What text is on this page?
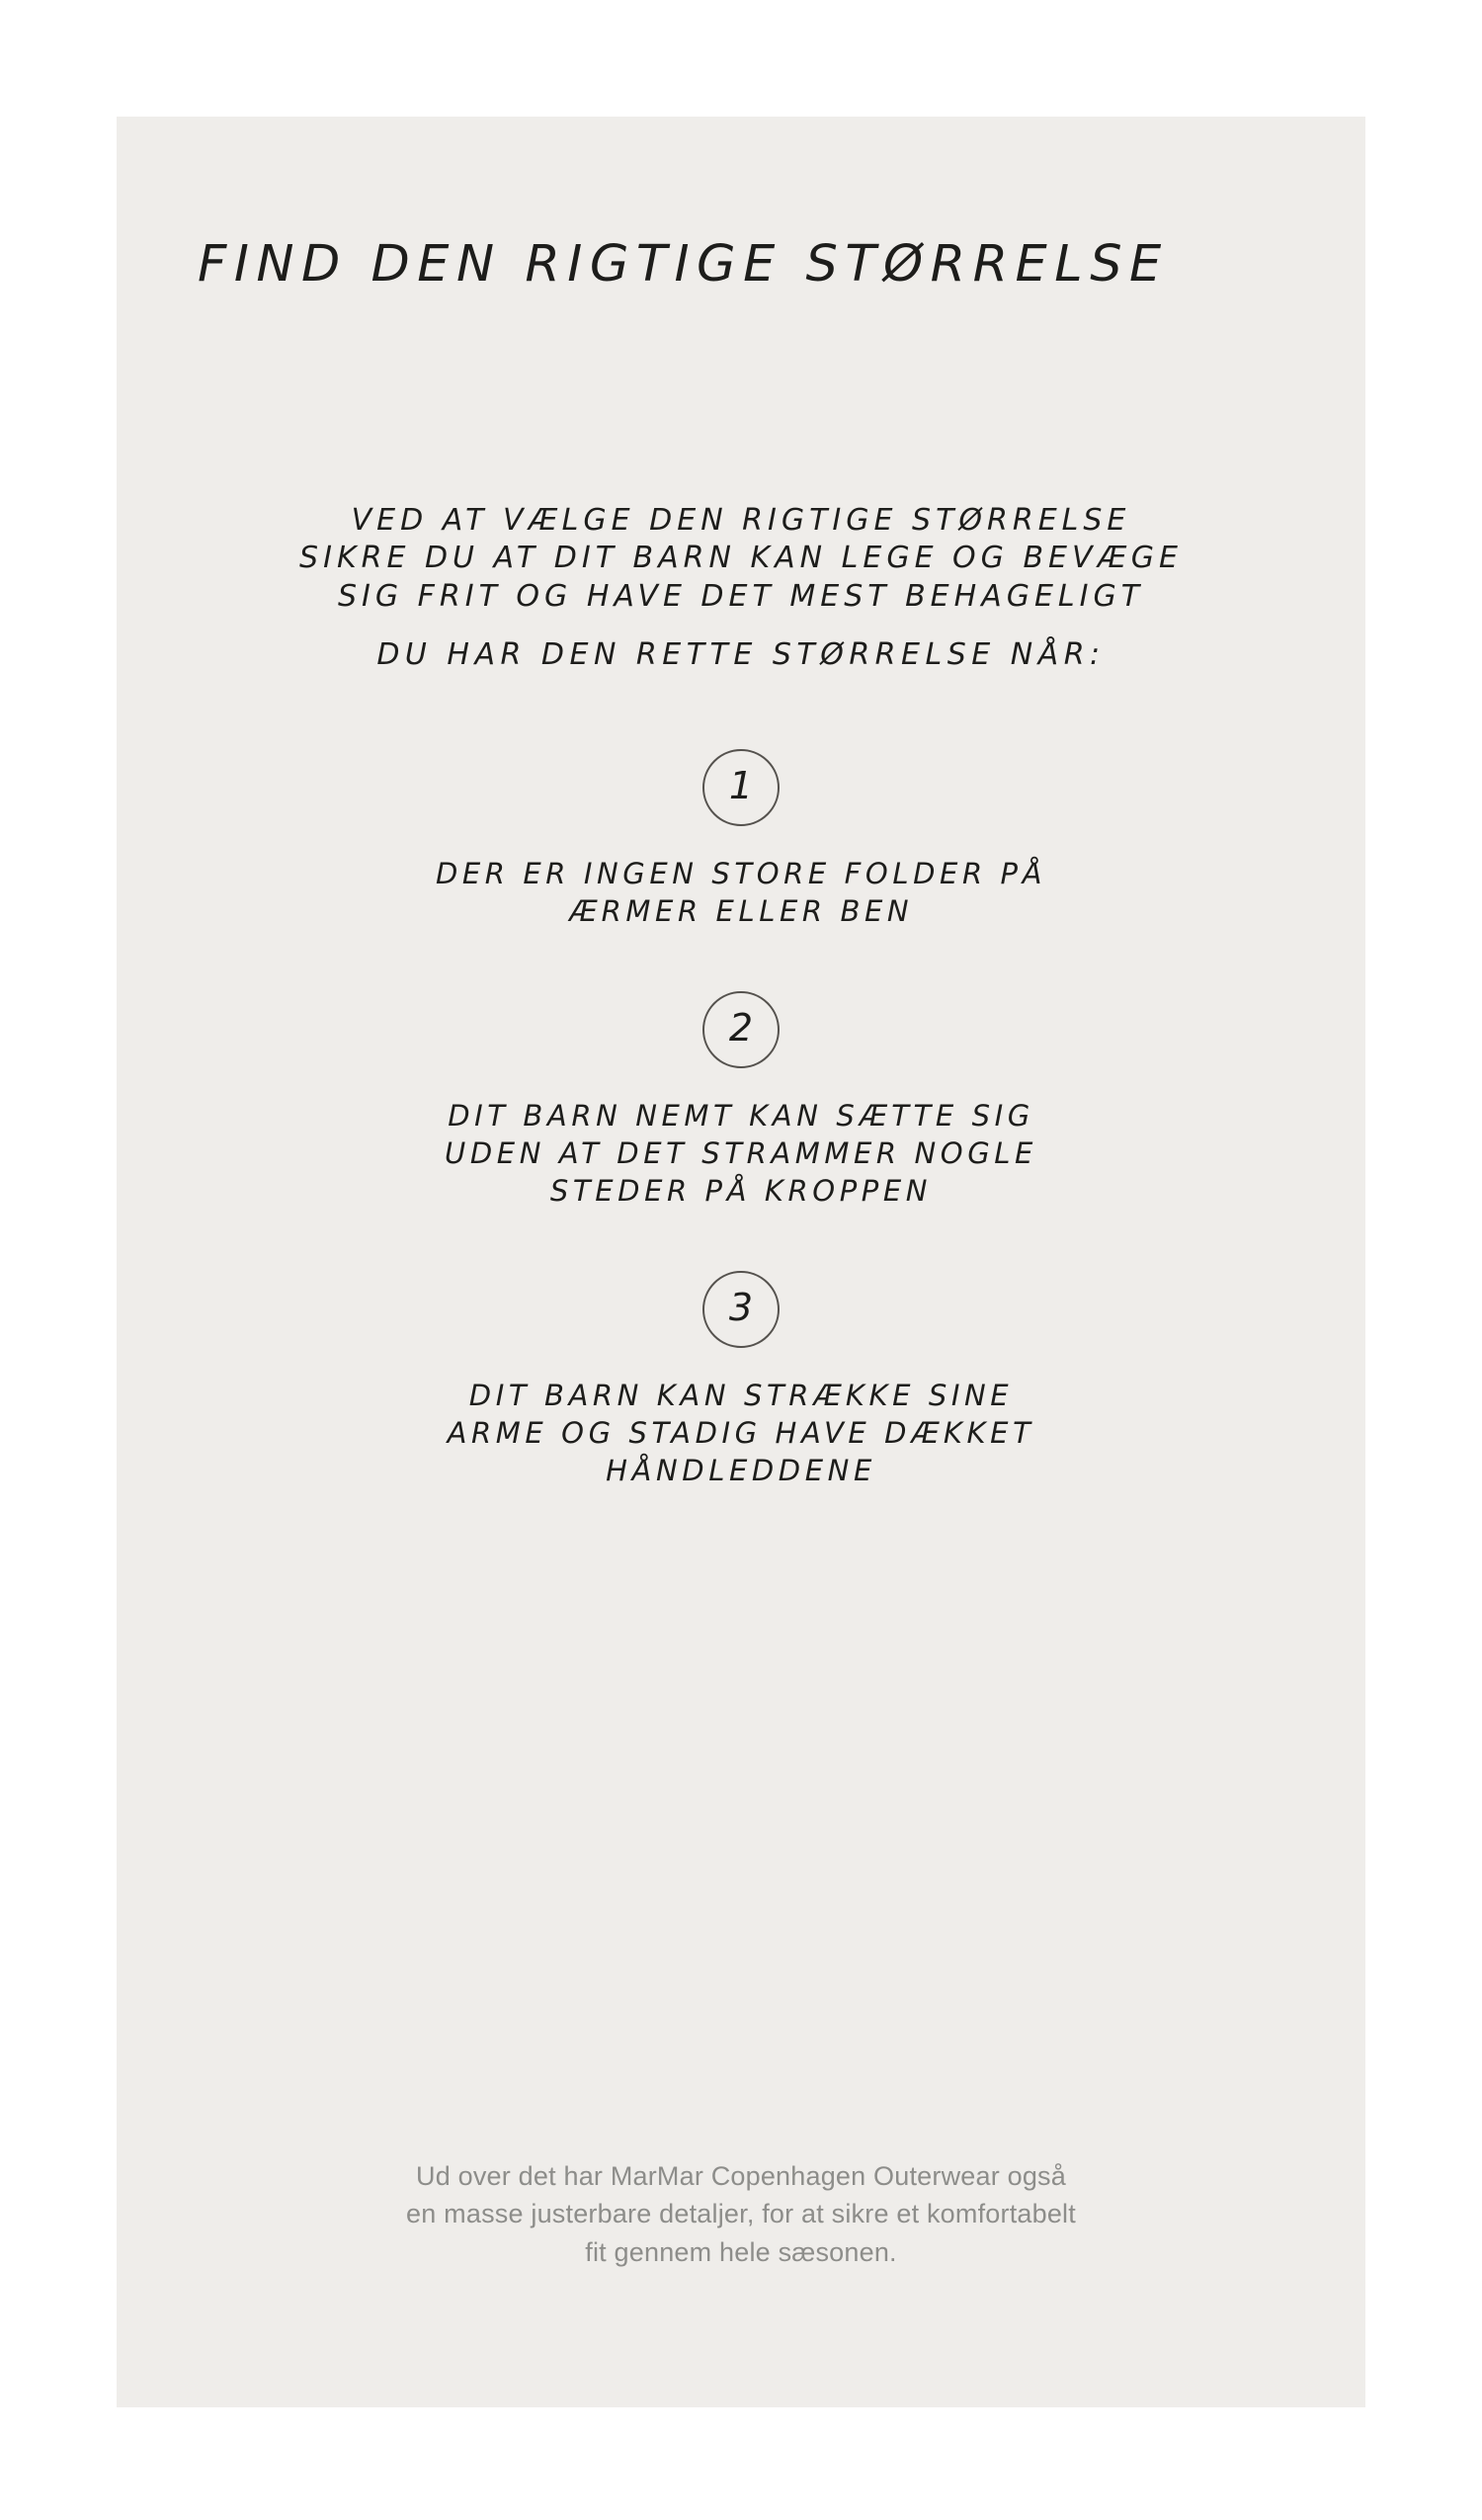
FIND DEN RIGTIGE STØRRELSE
VED AT VÆLGE DEN RIGTIGE STØRRELSE
SIKRE DU AT DIT BARN KAN LEGE OG BEVÆGE
SIG FRIT OG HAVE DET MEST BEHAGELIGT
DU HAR DEN RETTE STØRRELSE NÅR:
1
DER ER INGEN STORE FOLDER PÅ
ÆRMER ELLER BEN
2
DIT BARN NEMT KAN SÆTTE SIG
UDEN AT DET STRAMMER NOGLE
STEDER PÅ KROPPEN
3
DIT BARN KAN STRÆKKE SINE
ARME OG STADIG HAVE DÆKKET
HÅNDLEDDENE
Ud over det har MarMar Copenhagen Outerwear også
en masse justerbare detaljer, for at sikre et komfortabelt
fit gennem hele sæsonen.
